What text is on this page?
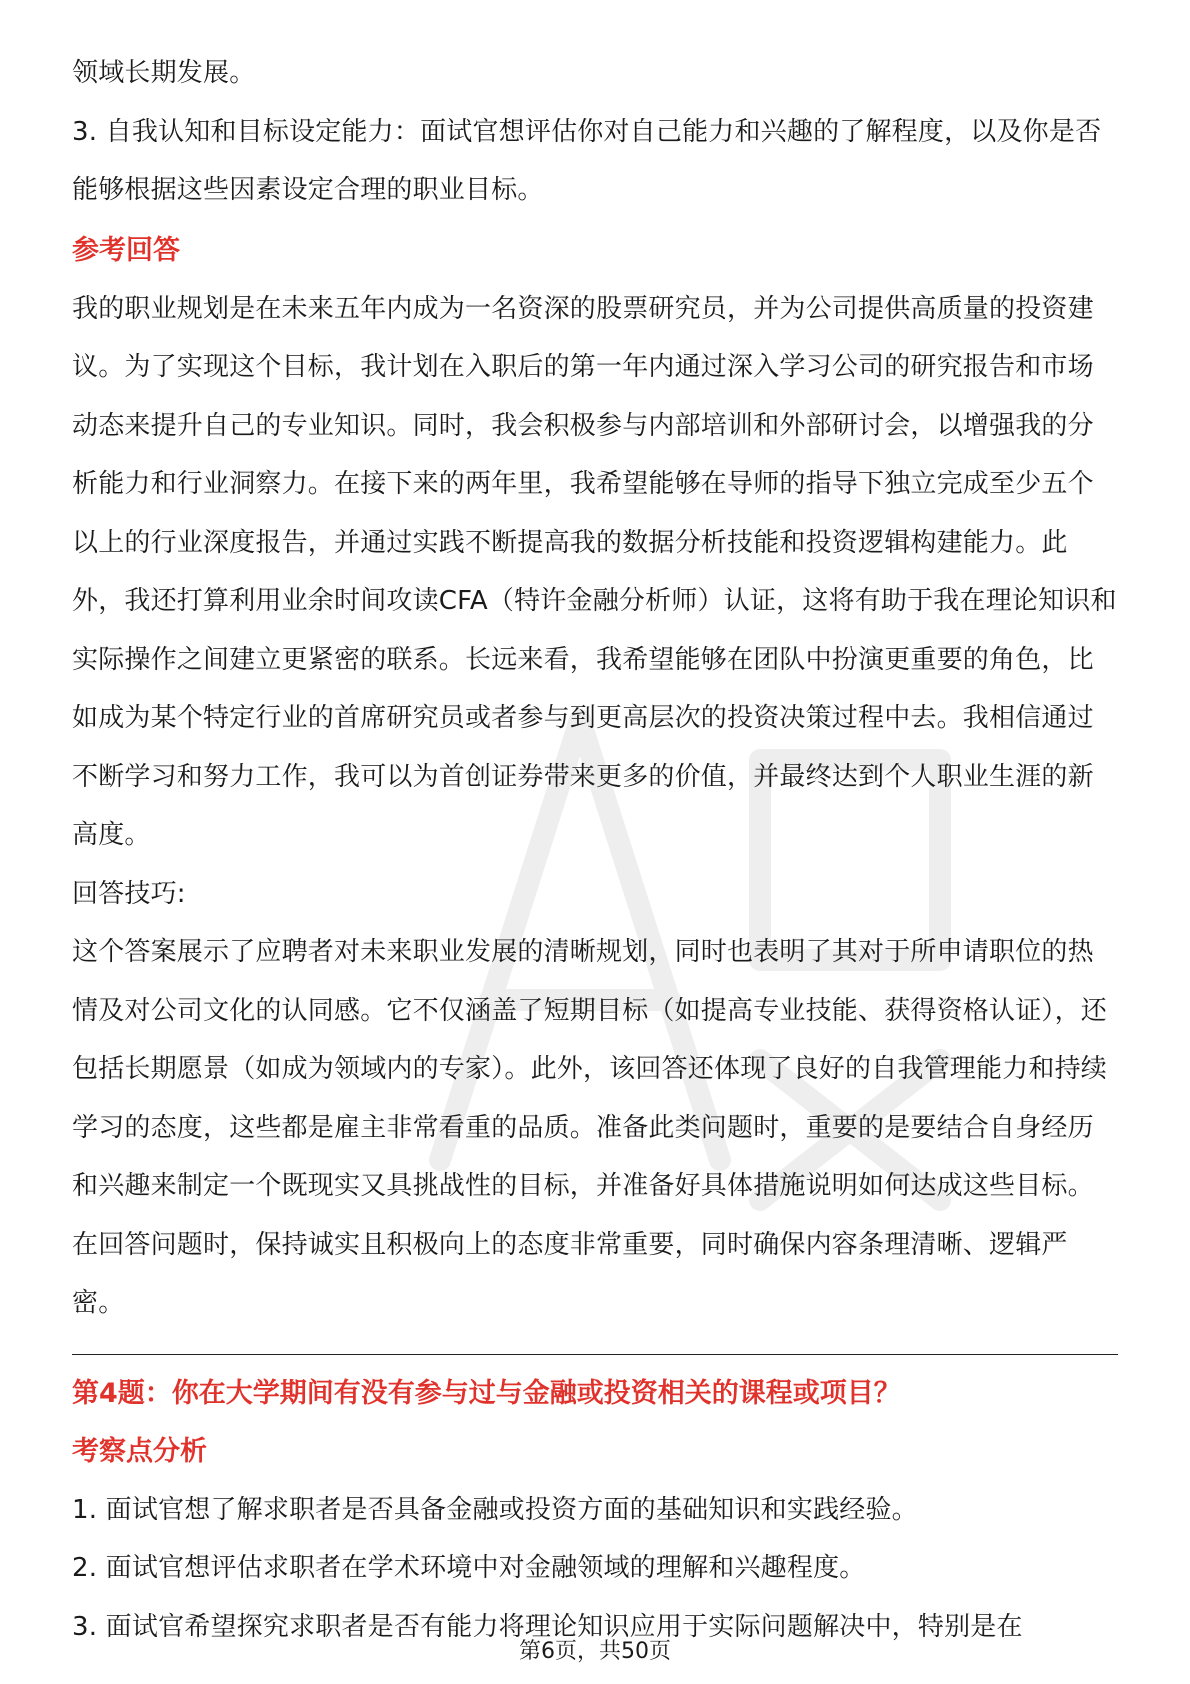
领域长期发展。

3. 自我认知和目标设定能力：面试官想评估你对自己能力和兴趣的了解程度，以及你是否能够根据这些因素设定合理的职业目标。

参考回答

我的职业规划是在未来五年内成为一名资深的股票研究员，并为公司提供高质量的投资建议。为了实现这个目标，我计划在入职后的第一年内通过深入学习公司的研究报告和市场动态来提升自己的专业知识。同时，我会积极参与内部培训和外部研讨会，以增强我的分析能力和行业洞察力。在接下来的两年里，我希望能够在导师的指导下独立完成至少五个以上的行业深度报告，并通过实践不断提高我的数据分析技能和投资逻辑构建能力。此外，我还打算利用业余时间攻读CFA（特许金融分析师）认证，这将有助于我在理论知识和实际操作之间建立更紧密的联系。长远来看，我希望能够在团队中扮演更重要的角色，比如成为某个特定行业的首席研究员或者参与到更高层次的投资决策过程中去。我相信通过不断学习和努力工作，我可以为首创证券带来更多的价值，并最终达到个人职业生涯的新高度。

回答技巧:

这个答案展示了应聘者对未来职业发展的清晰规划，同时也表明了其对于所申请职位的热情及对公司文化的认同感。它不仅涵盖了短期目标（如提高专业技能、获得资格认证），还包括长期愿景（如成为领域内的专家）。此外，该回答还体现了良好的自我管理能力和持续学习的态度，这些都是雇主非常看重的品质。准备此类问题时，重要的是要结合自身经历和兴趣来制定一个既现实又具挑战性的目标，并准备好具体措施说明如何达成这些目标。在回答问题时，保持诚实且积极向上的态度非常重要，同时确保内容条理清晰、逻辑严密。

第4题：你在大学期间有没有参与过与金融或投资相关的课程或项目？

考察点分析

1. 面试官想了解求职者是否具备金融或投资方面的基础知识和实践经验。

2. 面试官想评估求职者在学术环境中对金融领域的理解和兴趣程度。

3. 面试官希望探究求职者是否有能力将理论知识应用于实际问题解决中，特别是在

第6页，共50页
